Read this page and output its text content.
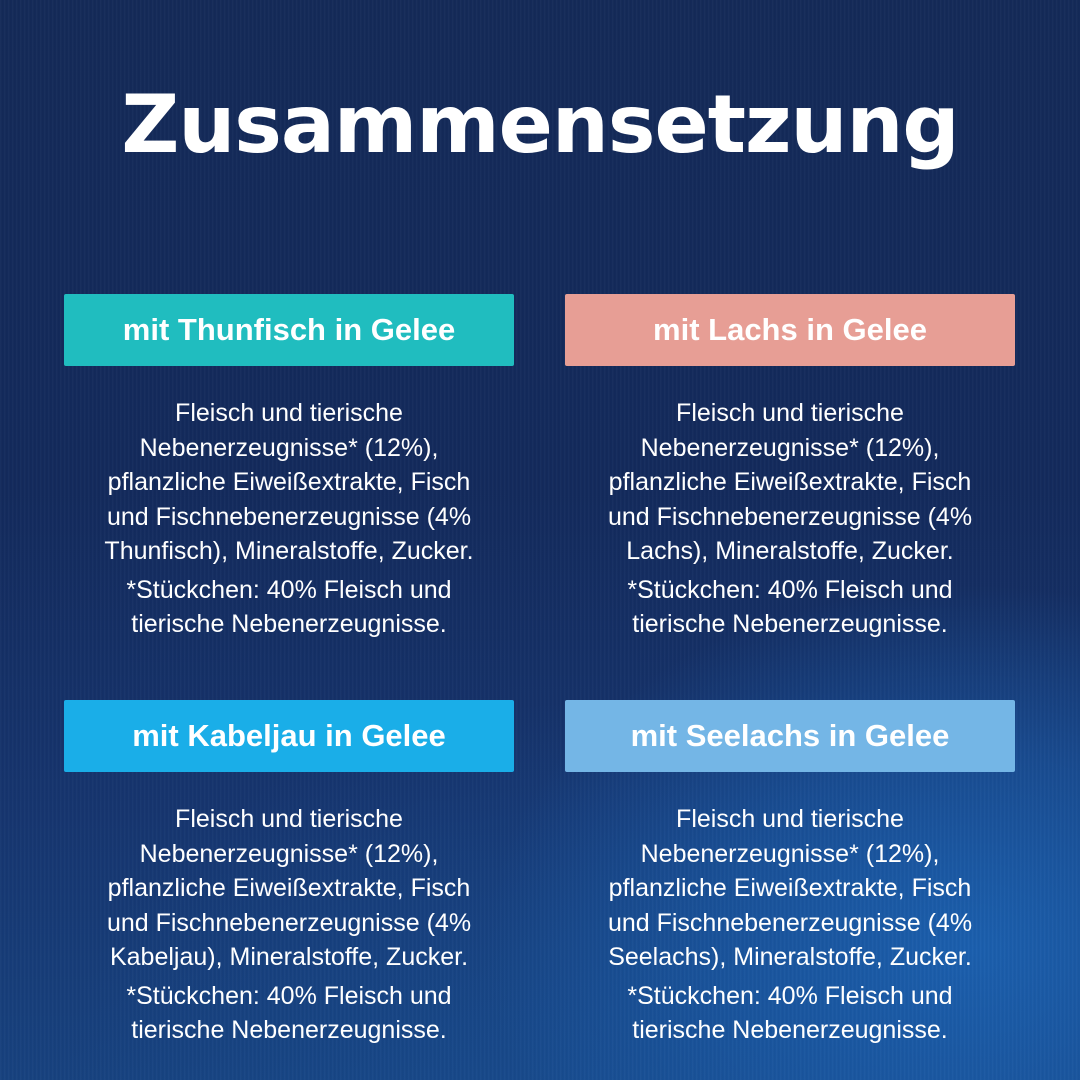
Zusammensetzung
mit Thunfisch in Gelee
Fleisch und tierische
Nebenerzeugnisse* (12%),
pflanzliche Eiweißextrakte, Fisch
und Fischnebenerzeugnisse (4%
Thunfisch), Mineralstoffe, Zucker.
*Stückchen: 40% Fleisch und
tierische Nebenerzeugnisse.
mit Lachs in Gelee
Fleisch und tierische
Nebenerzeugnisse* (12%),
pflanzliche Eiweißextrakte, Fisch
und Fischnebenerzeugnisse (4%
Lachs), Mineralstoffe, Zucker.
*Stückchen: 40% Fleisch und
tierische Nebenerzeugnisse.
mit Kabeljau in Gelee
Fleisch und tierische
Nebenerzeugnisse* (12%),
pflanzliche Eiweißextrakte, Fisch
und Fischnebenerzeugnisse (4%
Kabeljau), Mineralstoffe, Zucker.
*Stückchen: 40% Fleisch und
tierische Nebenerzeugnisse.
mit Seelachs in Gelee
Fleisch und tierische
Nebenerzeugnisse* (12%),
pflanzliche Eiweißextrakte, Fisch
und Fischnebenerzeugnisse (4%
Seelachs), Mineralstoffe, Zucker.
*Stückchen: 40% Fleisch und
tierische Nebenerzeugnisse.
